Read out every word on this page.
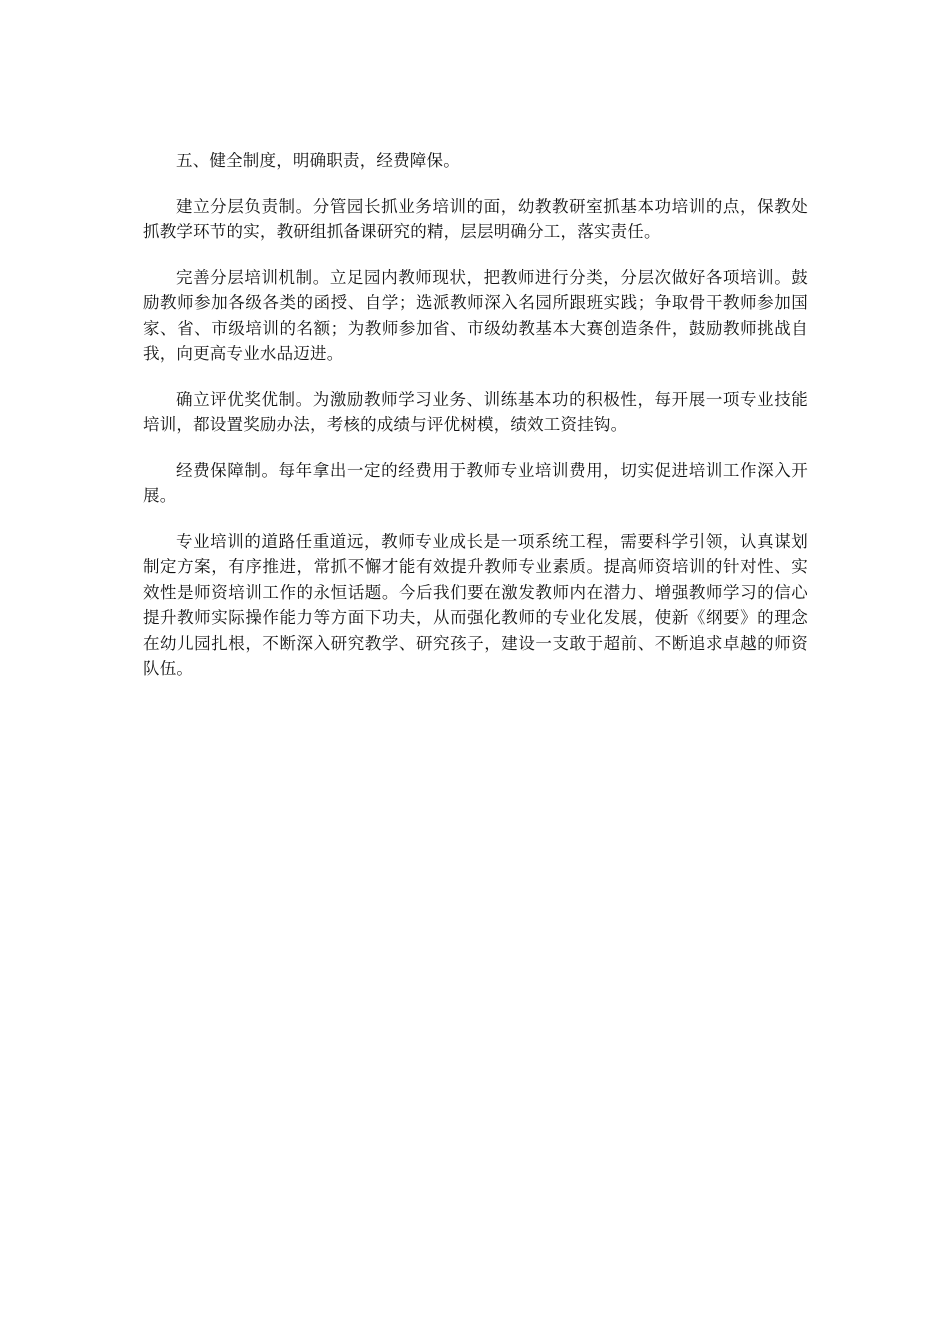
五、健全制度，明确职责，经费障保。

建立分层负责制。分管园长抓业务培训的面，幼教教研室抓基本功培训的点，保教处抓教学环节的实，教研组抓备课研究的精，层层明确分工，落实责任。

完善分层培训机制。立足园内教师现状，把教师进行分类，分层次做好各项培训。鼓励教师参加各级各类的函授、自学；选派教师深入名园所跟班实践；争取骨干教师参加国家、省、市级培训的名额；为教师参加省、市级幼教基本大赛创造条件，鼓励教师挑战自我，向更高专业水品迈进。

确立评优奖优制。为激励教师学习业务、训练基本功的积极性，每开展一项专业技能培训，都设置奖励办法，考核的成绩与评优树模，绩效工资挂钩。

经费保障制。每年拿出一定的经费用于教师专业培训费用，切实促进培训工作深入开展。

专业培训的道路任重道远，教师专业成长是一项系统工程，需要科学引领，认真谋划制定方案，有序推进，常抓不懈才能有效提升教师专业素质。提高师资培训的针对性、实效性是师资培训工作的永恒话题。今后我们要在激发教师内在潜力、增强教师学习的信心提升教师实际操作能力等方面下功夫，从而强化教师的专业化发展，使新《纲要》的理念在幼儿园扎根，不断深入研究教学、研究孩子，建设一支敢于超前、不断追求卓越的师资队伍。
